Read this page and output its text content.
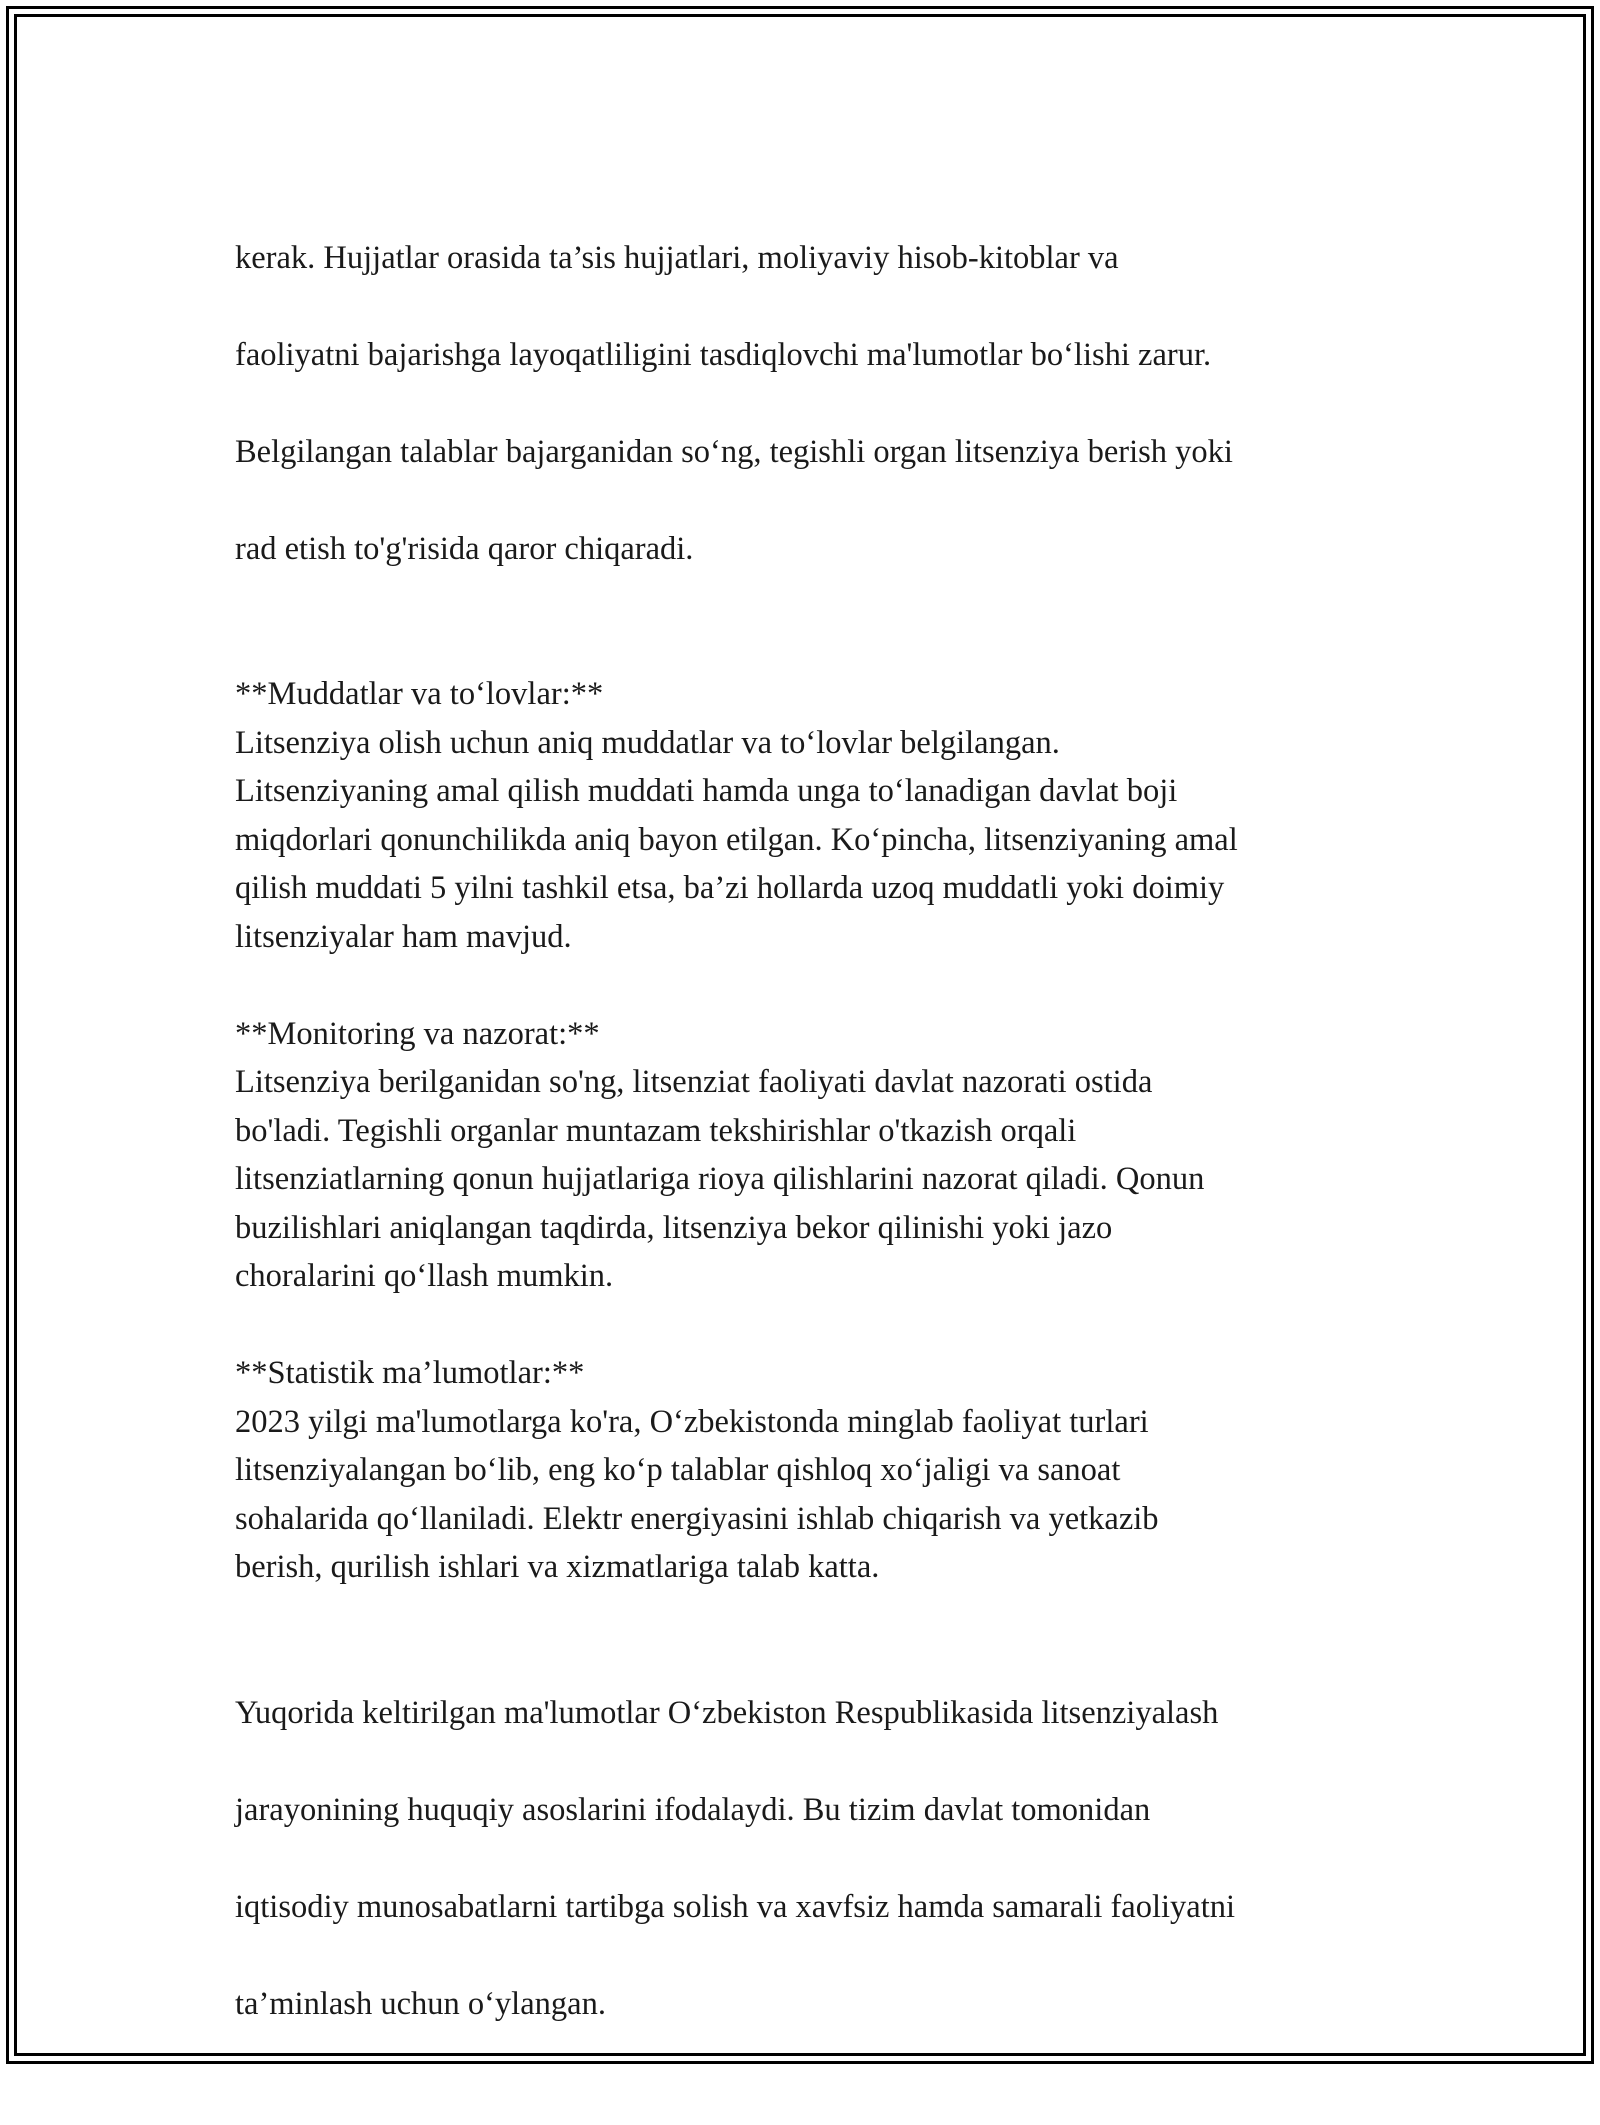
kerak. Hujjatlar orasida ta’sis hujjatlari, moliyaviy hisob-kitoblar va

faoliyatni bajarishga layoqatliligini tasdiqlovchi ma'lumotlar bo‘lishi zarur.

Belgilangan talablar bajarganidan so‘ng, tegishli organ litsenziya berish yoki

rad etish to'g'risida qaror chiqaradi.

**Muddatlar va to‘lovlar:**

Litsenziya olish uchun aniq muddatlar va to‘lovlar belgilangan.
Litsenziyaning amal qilish muddati hamda unga to‘lanadigan davlat boji
miqdorlari qonunchilikda aniq bayon etilgan. Ko‘pincha, litsenziyaning amal
qilish muddati 5 yilni tashkil etsa, ba’zi hollarda uzoq muddatli yoki doimiy
litsenziyalar ham mavjud.

**Monitoring va nazorat:**

Litsenziya berilganidan so'ng, litsenziat faoliyati davlat nazorati ostida
bo'ladi. Tegishli organlar muntazam tekshirishlar o'tkazish orqali
litsenziatlarning qonun hujjatlariga rioya qilishlarini nazorat qiladi. Qonun
buzilishlari aniqlangan taqdirda, litsenziya bekor qilinishi yoki jazo
choralarini qo‘llash mumkin.

**Statistik ma’lumotlar:**

2023 yilgi ma'lumotlarga ko'ra, O‘zbekistonda minglab faoliyat turlari
litsenziyalangan bo‘lib, eng ko‘p talablar qishloq xo‘jaligi va sanoat
sohalarida qo‘llaniladi. Elektr energiyasini ishlab chiqarish va yetkazib
berish, qurilish ishlari va xizmatlariga talab katta.

Yuqorida keltirilgan ma'lumotlar O‘zbekiston Respublikasida litsenziyalash

jarayonining huquqiy asoslarini ifodalaydi. Bu tizim davlat tomonidan

iqtisodiy munosabatlarni tartibga solish va xavfsiz hamda samarali faoliyatni

ta’minlash uchun o‘ylangan.
